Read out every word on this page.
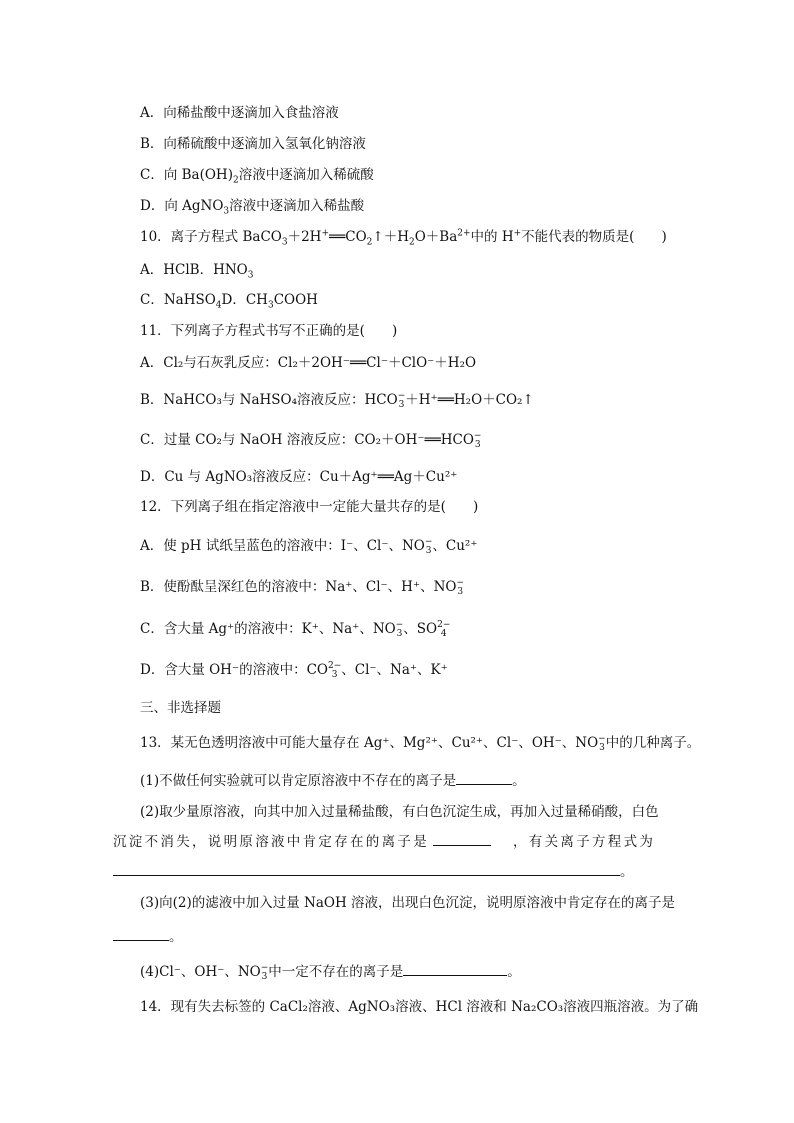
A．向稀盐酸中逐滴加入食盐溶液
B．向稀硫酸中逐滴加入氢氧化钠溶液
C．向 $Ba(OH)_2$溶液中逐滴加入稀硫酸
D．向 AgNO$_3$溶液中逐滴加入稀盐酸
10．离子方程式 $BaCO_3+2H^+══CO_2↑+H_2O+Ba^{2+}$中的 H+不能代表的物质是(　　)
A．HClB．$HNO_3$
C．NaHSO$_4$D．$CH_3COOH$
11．下列离子方程式书写不正确的是(　　)
A．Cl₂与石灰乳反应：Cl₂＋2OH⁻══Cl⁻＋ClO⁻＋H₂O
B．NaHCO₃与 NaHSO₄溶液反应：HCO −
3 ＋H⁺══H₂O＋CO₂↑
C．过量 CO₂与 NaOH 溶液反应：CO₂＋OH⁻══HCO −
3
D．Cu 与 AgNO₃溶液反应：Cu＋Ag⁺══Ag＋Cu²⁺
12．下列离子组在指定溶液中一定能大量共存的是(　　)
A．使 pH 试纸呈蓝色的溶液中：I⁻、Cl⁻、NO −
3 、Cu²⁺
B．使酚酞呈深红色的溶液中：Na⁺、Cl⁻、H⁺、NO −
3
C．含大量 Ag⁺的溶液中：K⁺、Na⁺、NO −
3 、SO 2−
4
D．含大量 OH⁻的溶液中：CO 2−
3 、Cl⁻、Na⁺、K⁺
三、非选择题
13．某无色透明溶液中可能大量存在 Ag⁺、Mg²⁺、Cu²⁺、Cl⁻、OH⁻、NO −
3 中的几种离子。
(1)不做任何实验就可以肯定原溶液中不存在的离子是	。
(2)取少量原溶液，向其中加入过量稀盐酸，有白色沉淀生成，再加入过量稀硝酸，白色
沉淀不消失，说明原溶液中肯定存在的离子是	，有关离子方程式为
。
(3)向(2)的滤液中加入过量 NaOH 溶液，出现白色沉淀，说明原溶液中肯定存在的离子是
。
(4)Cl⁻、OH⁻、NO −
3 中一定不存在的离子是	。
14．现有失去标签的 CaCl₂溶液、AgNO₃溶液、HCl 溶液和 Na₂CO₃溶液四瓶溶液。为了确
